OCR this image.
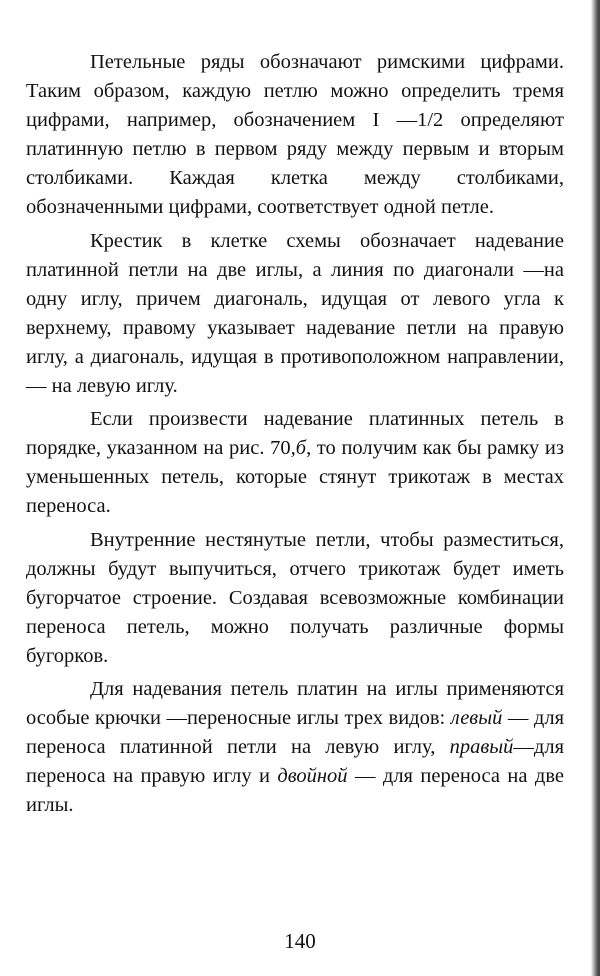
Петельные ряды обозначают римскими цифрами. Таким образом, каждую петлю можно определить тремя цифрами, например, обозначением I —1/2 определяют платинную петлю в первом ряду между первым и вторым столбиками. Каждая клетка между столбиками, обозначенными цифрами, соответствует одной петле.

Крестик в клетке схемы обозначает надевание платинной петли на две иглы, а линия по диагонали —на одну иглу, причем диагональ, идущая от левого угла к верхнему, правому указывает надевание петли на правую иглу, а диагональ, идущая в противоположном направлении,— на левую иглу.

Если произвести надевание платинных петель в порядке, указанном на рис. 70,б, то получим как бы рамку из уменьшенных петель, которые стянут трикотаж в местах переноса.

Внутренние нестянутые петли, чтобы разместиться, должны будут выпучиться, отчего трикотаж будет иметь бугорчатое строение. Создавая всевозможные комбинации переноса петель, можно получать различные формы бугорков.

Для надевания петель платин на иглы применяются особые крючки —переносные иглы трех видов: левый — для переноса платинной петли на левую иглу, правый—для переноса на правую иглу и двойной — для переноса на две иглы.

140
